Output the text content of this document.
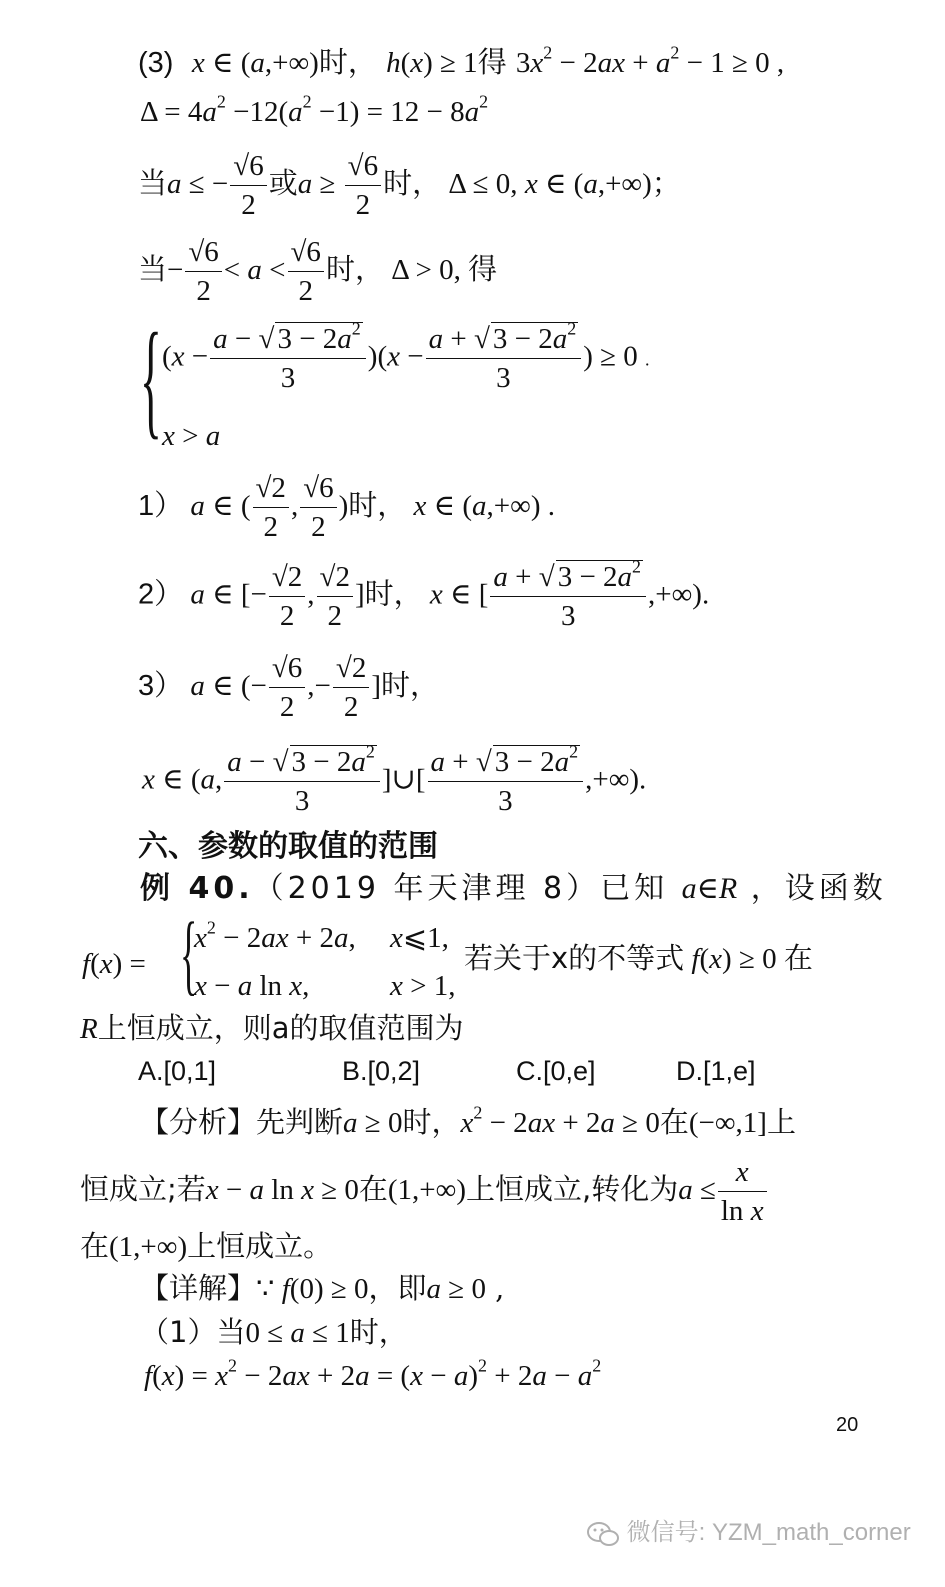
(3) x ∈ (a,+∞)时， h(x) ≥ 1得 $3x^2 - 2ax + a^2 - 1 \ge 0$ ,
$\Delta = 4a^2 -12(a^2 -1) = 12 - 8a^2$
当a ≤ − $\frac{√6}{2}$ 或$a \ge \frac{√6}{2}$ 时， Δ ≤ 0, x ∈ (a,+∞)；
当− $\frac{√6}{2} < a < \frac{√6}{2}$ 时， Δ > 0, 得
{ $(x - \frac{a - √ 3 - 2a^2}{3} )(x - \frac{a + √ 3 - 2a^2}{3}$ ) ≥ 0 .
x > a
1） a ∈ ( $\frac{√2}{2}$ , $\frac{√6}{2}$ )时， x ∈ (a,+∞) .
2） a ∈ [− $\frac{√2}{2}$ , $\frac{√2}{2}$ ]时， x ∈ [ $\frac{a + √ 3 - 2a^2}{3}$ ,+∞).
3） a ∈ (− $\frac{√6}{2}$ ,− $\frac{√2}{2}$ ]时，
x ∈ (a, $\frac{a - √ 3 - 2a^2}{3}$ ]∪[ $\frac{a + √ 3 - 2a^2}{3}$ ,+∞).
六、参数的取值的范围
例 40.（2019 年天津理 8）已知 a∈R ，设函数
f(x) = {
$x^2 - 2ax + 2a$, x⩽1,
x − a ln x,	x > 1,
若关于x的不等式 f(x) ≥ 0 在
R上恒成立，则a的取值范围为
A.[0,1]	B.[0,2]	C.[0,e]	D.[1,e]
【分析】先判断a ≥ 0时，$x^2 - 2ax + 2a \ge 0$在(−∞,1]上
恒成立;若x − a ln x ≥ 0在(1,+∞)上恒成立,转化为$a \le \frac{x}{\text{ln x}}$
在(1,+∞)上恒成立。
【详解】∵ f(0) ≥ 0，即a ≥ 0 ,
（1）当0 ≤ a ≤ 1时，
$f(x) = x^2 - 2ax + 2a = (x - a)^2 + 2a - a^2$
20
微信号: YZM_math_corner
